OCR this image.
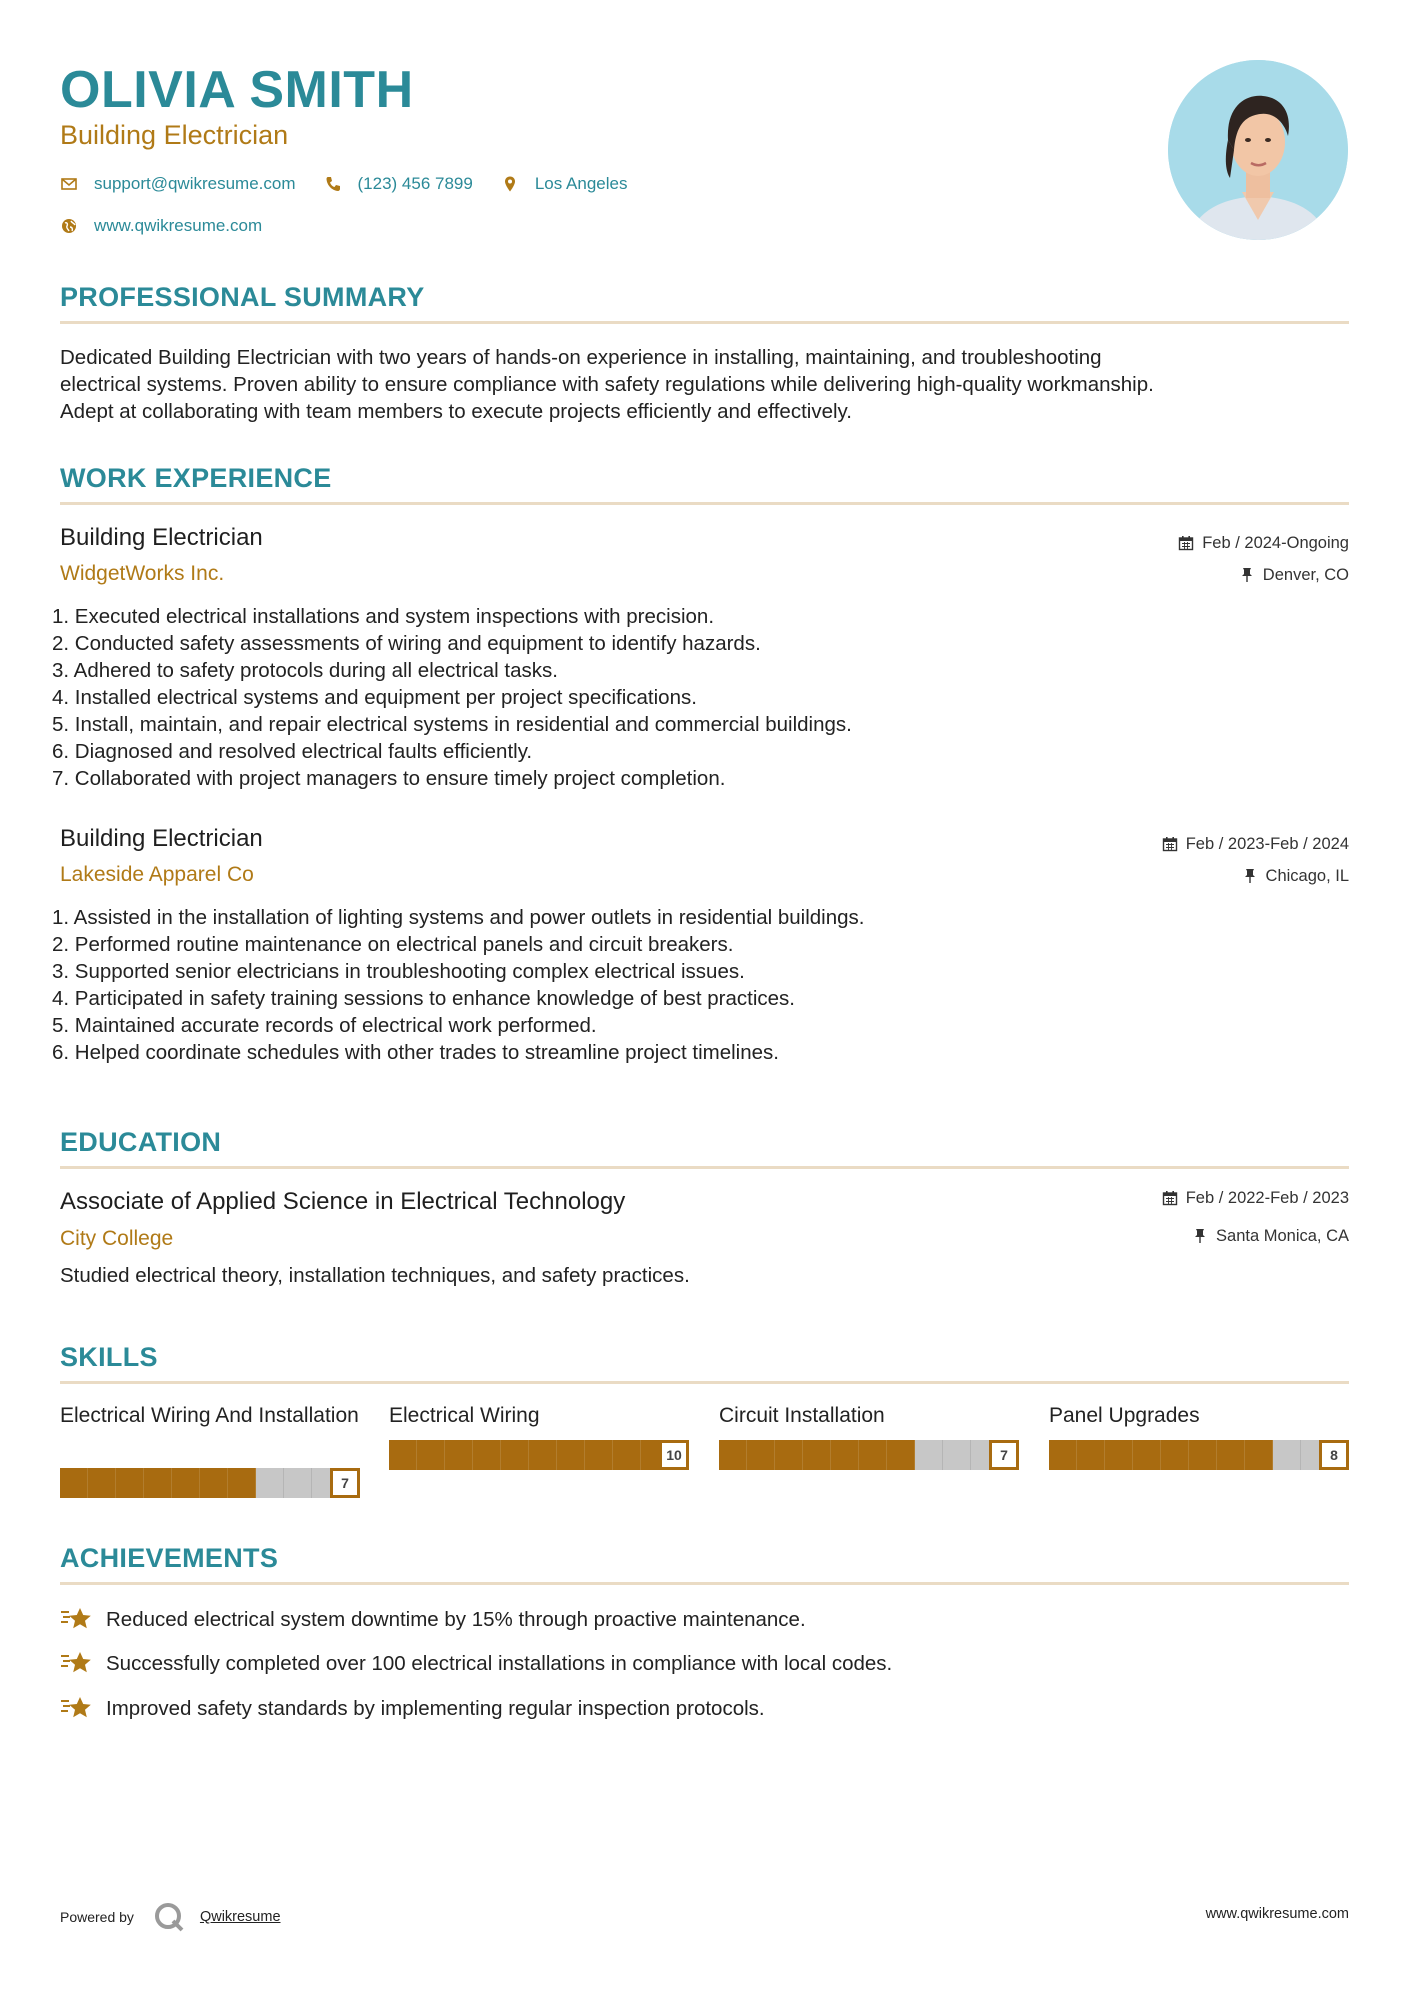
OLIVIA SMITH
Building Electrician
support@qwikresume.com	(123) 456 7899	Los Angeles
www.qwikresume.com
PROFESSIONAL SUMMARY
Dedicated Building Electrician with two years of hands-on experience in installing, maintaining, and troubleshooting
electrical systems. Proven ability to ensure compliance with safety regulations while delivering high-quality workmanship.
Adept at collaborating with team members to execute projects efficiently and effectively.
WORK EXPERIENCE
Building Electrician
WidgetWorks Inc.
Feb / 2024-Ongoing
Denver, CO
1. Executed electrical installations and system inspections with precision.
2. Conducted safety assessments of wiring and equipment to identify hazards.
3. Adhered to safety protocols during all electrical tasks.
4. Installed electrical systems and equipment per project specifications.
5. Install, maintain, and repair electrical systems in residential and commercial buildings.
6. Diagnosed and resolved electrical faults efficiently.
7. Collaborated with project managers to ensure timely project completion.
Building Electrician
Lakeside Apparel Co
Feb / 2023-Feb / 2024
Chicago, IL
1. Assisted in the installation of lighting systems and power outlets in residential buildings.
2. Performed routine maintenance on electrical panels and circuit breakers.
3. Supported senior electricians in troubleshooting complex electrical issues.
4. Participated in safety training sessions to enhance knowledge of best practices.
5. Maintained accurate records of electrical work performed.
6. Helped coordinate schedules with other trades to streamline project timelines.
EDUCATION
Associate of Applied Science in Electrical Technology
City College
Feb / 2022-Feb / 2023
Santa Monica, CA
Studied electrical theory, installation techniques, and safety practices.
SKILLS
Electrical Wiring And Installation
7
Electrical Wiring
10
Circuit Installation
7
Panel Upgrades
8
ACHIEVEMENTS
Reduced electrical system downtime by 15% through proactive maintenance.
Successfully completed over 100 electrical installations in compliance with local codes.
Improved safety standards by implementing regular inspection protocols.
Powered by	Qwikresume	www.qwikresume.com
